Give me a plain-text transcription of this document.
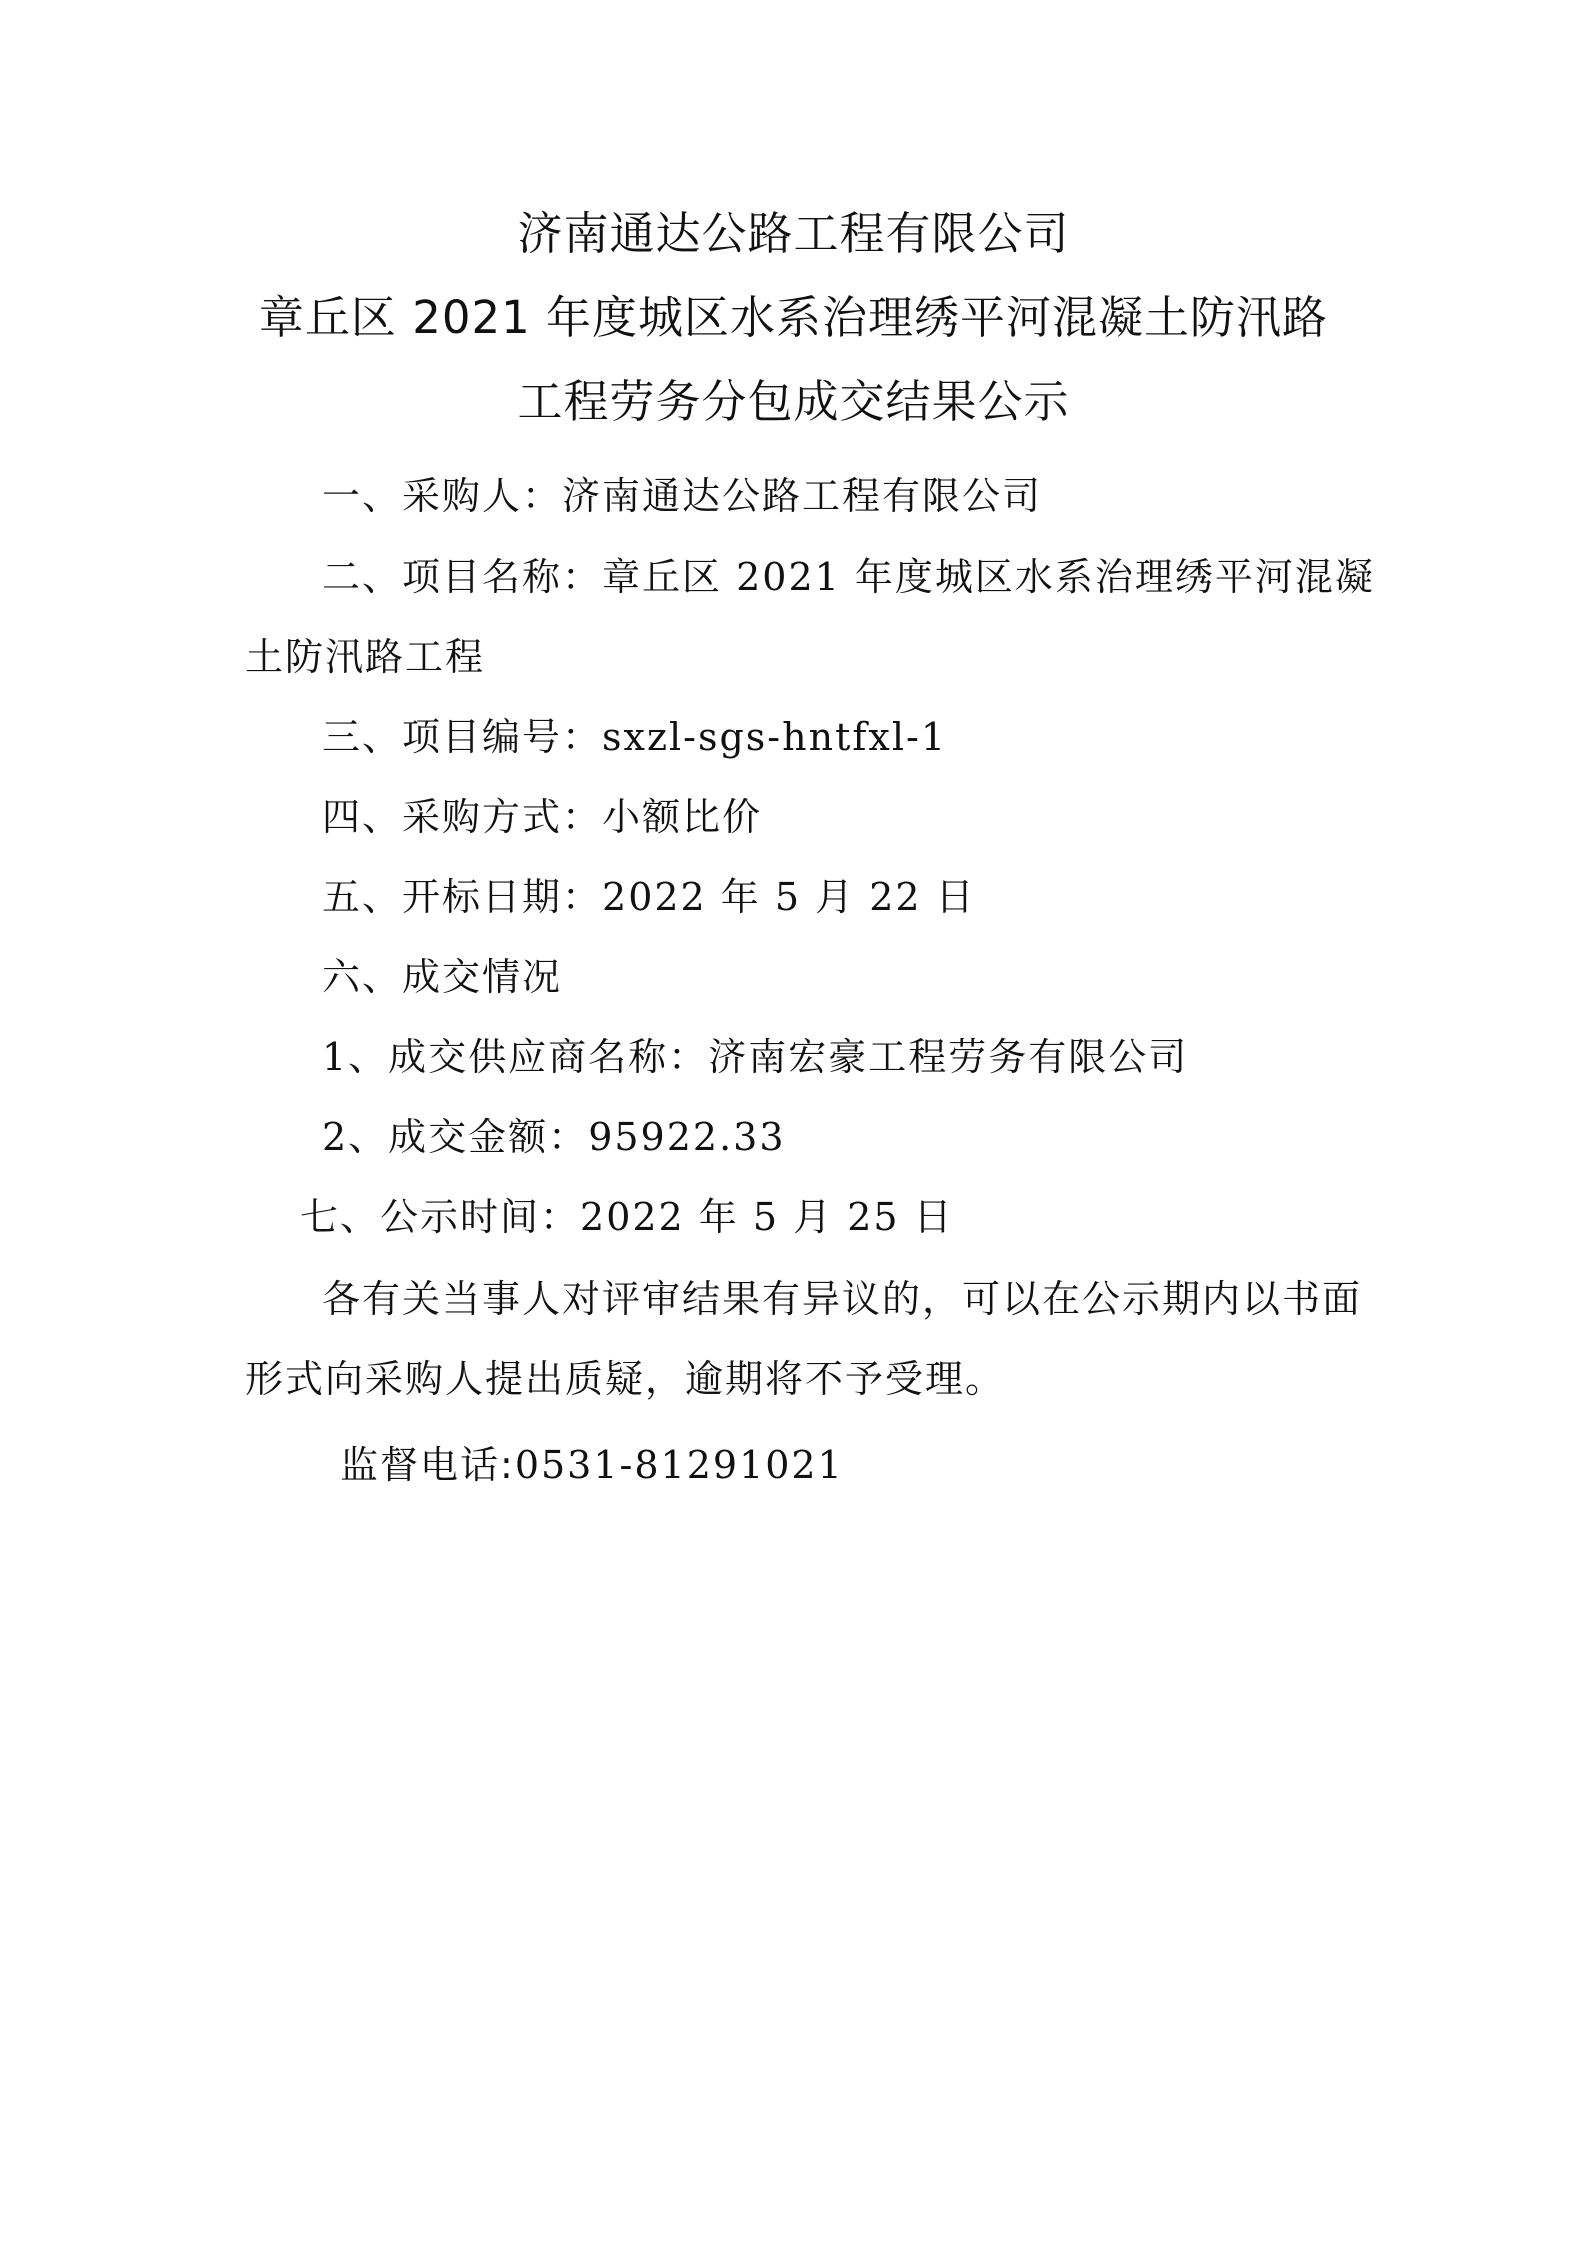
济南通达公路工程有限公司
章丘区 2021 年度城区水系治理绣平河混凝土防汛路
工程劳务分包成交结果公示
一、采购人：济南通达公路工程有限公司
二、项目名称：章丘区 2021 年度城区水系治理绣平河混凝
土防汛路工程
三、项目编号：sxzl-sgs-hntfxl-1
四、采购方式：小额比价
五、开标日期：2022 年 5 月 22 日
六、成交情况
1、成交供应商名称：济南宏豪工程劳务有限公司
2、成交金额：95922.33
七、公示时间：2022 年 5 月 25 日
各有关当事人对评审结果有异议的，可以在公示期内以书面
形式向采购人提出质疑，逾期将不予受理。
监督电话:0531-81291021
